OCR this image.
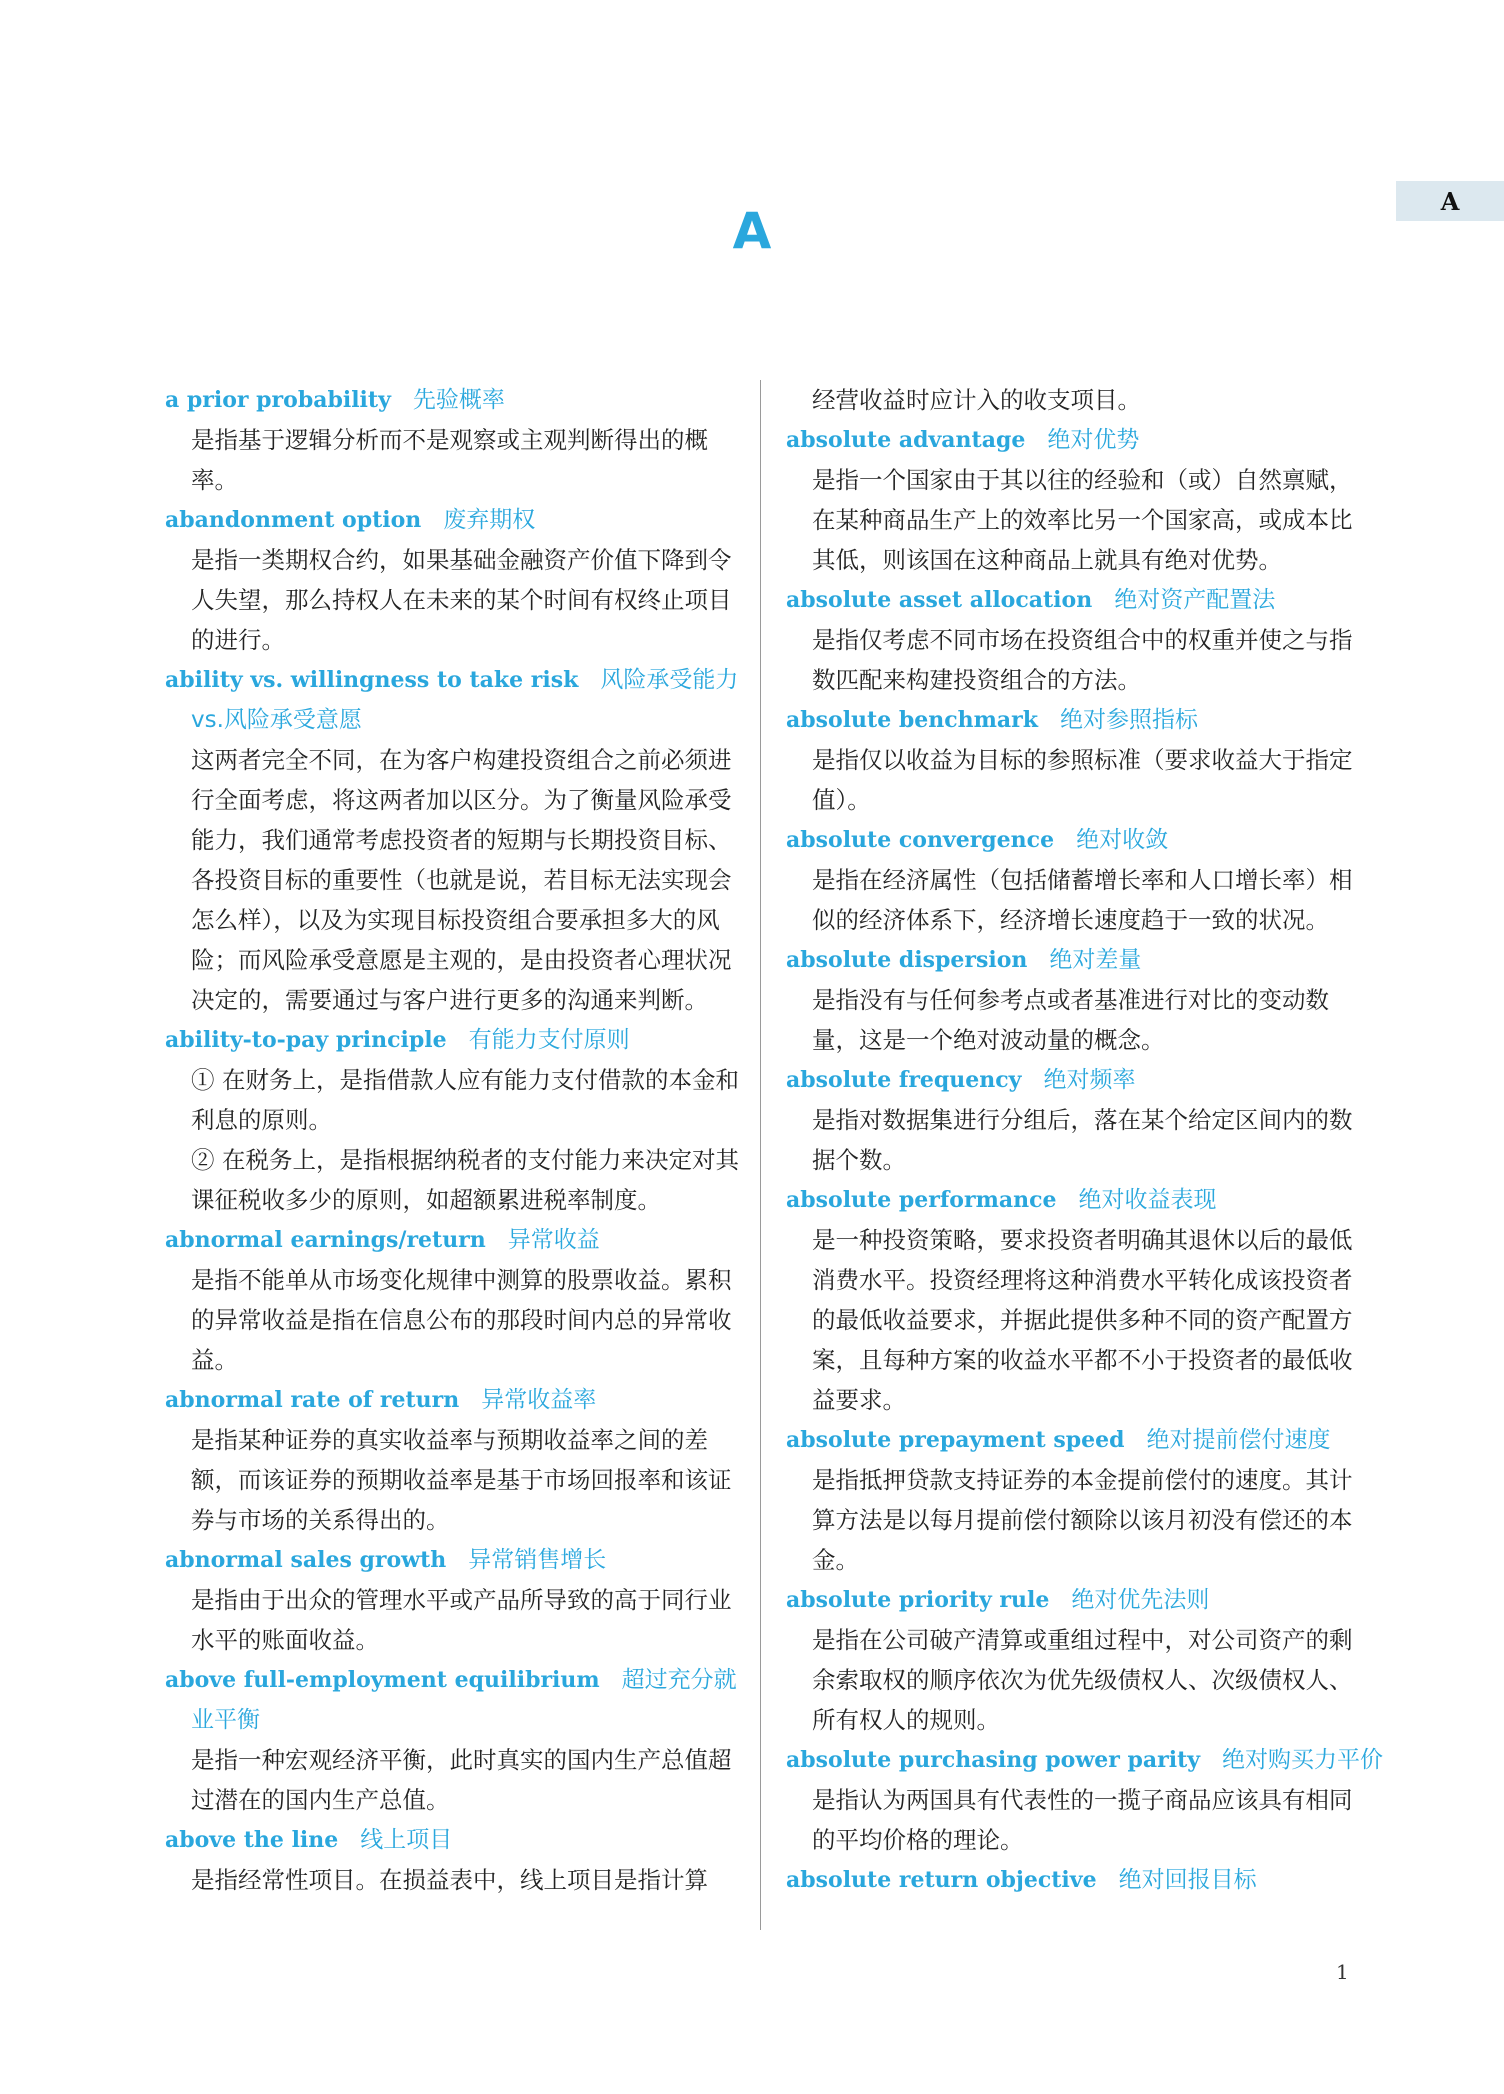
A
A
a prior probability 先验概率
是指基于逻辑分析而不是观察或主观判断得出的概率。
abandonment option 废弃期权
是指一类期权合约，如果基础金融资产价值下降到令人失望，那么持权人在未来的某个时间有权终止项目的进行。
ability vs. willingness to take risk 风险承受能力 vs.风险承受意愿
这两者完全不同，在为客户构建投资组合之前必须进行全面考虑，将这两者加以区分。为了衡量风险承受能力，我们通常考虑投资者的短期与长期投资目标、各投资目标的重要性（也就是说，若目标无法实现会怎么样），以及为实现目标投资组合要承担多大的风险；而风险承受意愿是主观的，是由投资者心理状况决定的，需要通过与客户进行更多的沟通来判断。
ability-to-pay principle 有能力支付原则
① 在财务上，是指借款人应有能力支付借款的本金和利息的原则。
② 在税务上，是指根据纳税者的支付能力来决定对其课征税收多少的原则，如超额累进税率制度。
abnormal earnings/return 异常收益
是指不能单从市场变化规律中测算的股票收益。累积的异常收益是指在信息公布的那段时间内总的异常收益。
abnormal rate of return 异常收益率
是指某种证券的真实收益率与预期收益率之间的差额，而该证券的预期收益率是基于市场回报率和该证券与市场的关系得出的。
abnormal sales growth 异常销售增长
是指由于出众的管理水平或产品所导致的高于同行业水平的账面收益。
above full-employment equilibrium 超过充分就业平衡
是指一种宏观经济平衡，此时真实的国内生产总值超过潜在的国内生产总值。
above the line 线上项目
是指经常性项目。在损益表中，线上项目是指计算
经营收益时应计入的收支项目。
absolute advantage 绝对优势
是指一个国家由于其以往的经验和（或）自然禀赋，在某种商品生产上的效率比另一个国家高，或成本比其低，则该国在这种商品上就具有绝对优势。
absolute asset allocation 绝对资产配置法
是指仅考虑不同市场在投资组合中的权重并使之与指数匹配来构建投资组合的方法。
absolute benchmark 绝对参照指标
是指仅以收益为目标的参照标准（要求收益大于指定值）。
absolute convergence 绝对收敛
是指在经济属性（包括储蓄增长率和人口增长率）相似的经济体系下，经济增长速度趋于一致的状况。
absolute dispersion 绝对差量
是指没有与任何参考点或者基准进行对比的变动数量，这是一个绝对波动量的概念。
absolute frequency 绝对频率
是指对数据集进行分组后，落在某个给定区间内的数据个数。
absolute performance 绝对收益表现
是一种投资策略，要求投资者明确其退休以后的最低消费水平。投资经理将这种消费水平转化成该投资者的最低收益要求，并据此提供多种不同的资产配置方案，且每种方案的收益水平都不小于投资者的最低收益要求。
absolute prepayment speed 绝对提前偿付速度
是指抵押贷款支持证券的本金提前偿付的速度。其计算方法是以每月提前偿付额除以该月初没有偿还的本金。
absolute priority rule 绝对优先法则
是指在公司破产清算或重组过程中，对公司资产的剩余索取权的顺序依次为优先级债权人、次级债权人、所有权人的规则。
absolute purchasing power parity 绝对购买力平价
是指认为两国具有代表性的一揽子商品应该具有相同的平均价格的理论。
absolute return objective 绝对回报目标
1
